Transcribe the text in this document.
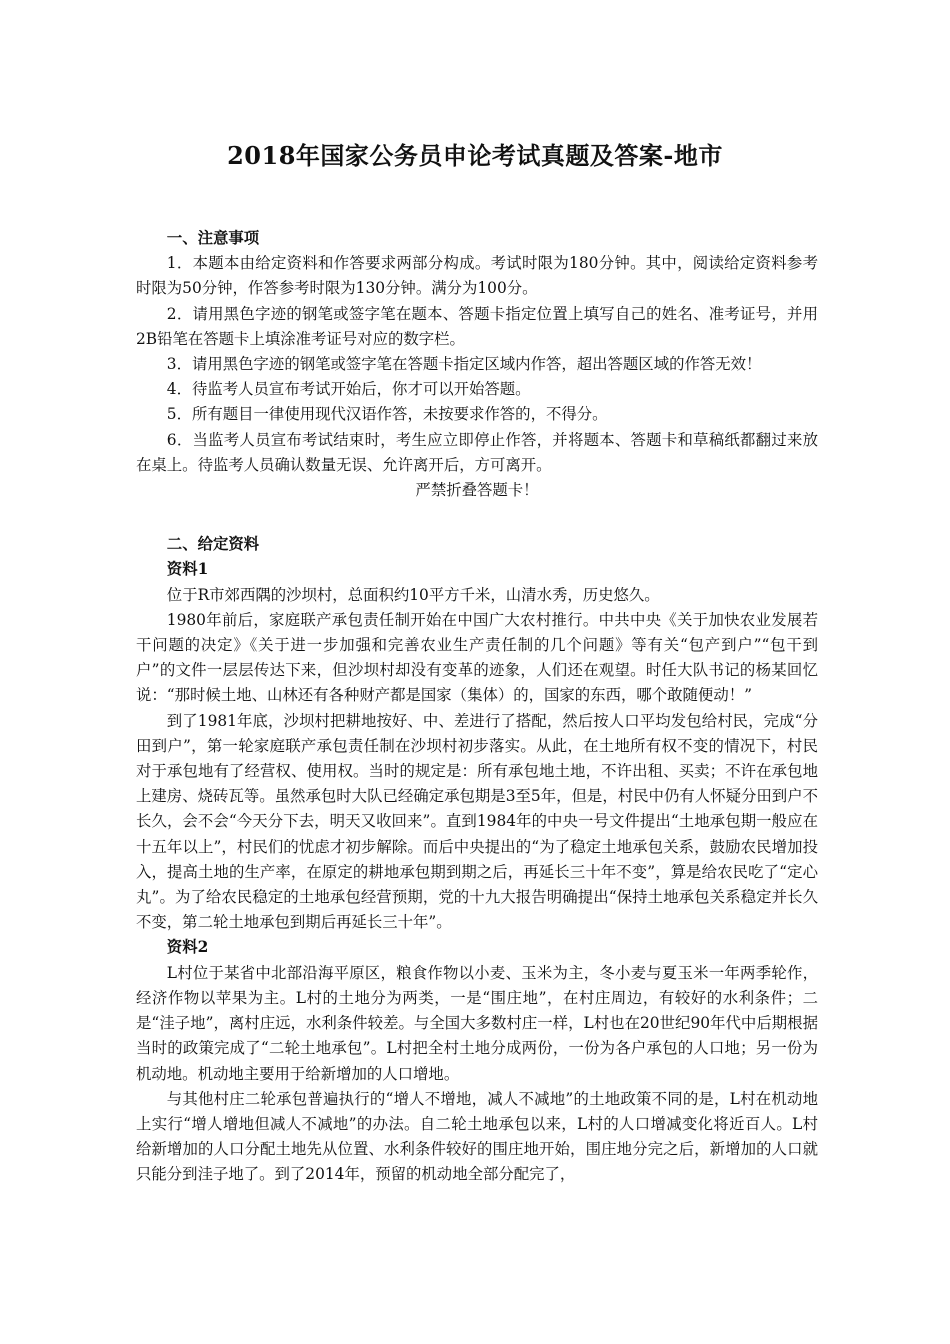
2018年国家公务员申论考试真题及答案-地市

一、注意事项

1．本题本由给定资料和作答要求两部分构成。考试时限为180分钟。其中，阅读给定资料参考时限为50分钟，作答参考时限为130分钟。满分为100分。

2．请用黑色字迹的钢笔或签字笔在题本、答题卡指定位置上填写自己的姓名、准考证号，并用2B铅笔在答题卡上填涂准考证号对应的数字栏。

3．请用黑色字迹的钢笔或签字笔在答题卡指定区域内作答，超出答题区域的作答无效！

4．待监考人员宣布考试开始后，你才可以开始答题。

5．所有题目一律使用现代汉语作答，未按要求作答的，不得分。

6．当监考人员宣布考试结束时，考生应立即停止作答，并将题本、答题卡和草稿纸都翻过来放在桌上。待监考人员确认数量无误、允许离开后，方可离开。

严禁折叠答题卡！

二、给定资料

资料1

位于R市郊西隅的沙坝村，总面积约10平方千米，山清水秀，历史悠久。

1980年前后，家庭联产承包责任制开始在中国广大农村推行。中共中央《关于加快农业发展若干问题的决定》《关于进一步加强和完善农业生产责任制的几个问题》等有关“包产到户”“包干到户”的文件一层层传达下来，但沙坝村却没有变革的迹象，人们还在观望。时任大队书记的杨某回忆说：“那时候土地、山林还有各种财产都是国家（集体）的，国家的东西，哪个敢随便动！”

到了1981年底，沙坝村把耕地按好、中、差进行了搭配，然后按人口平均发包给村民，完成“分田到户”，第一轮家庭联产承包责任制在沙坝村初步落实。从此，在土地所有权不变的情况下，村民对于承包地有了经营权、使用权。当时的规定是：所有承包地土地，不许出租、买卖；不许在承包地上建房、烧砖瓦等。虽然承包时大队已经确定承包期是3至5年，但是，村民中仍有人怀疑分田到户不长久，会不会“今天分下去，明天又收回来”。直到1984年的中央一号文件提出“土地承包期一般应在十五年以上”，村民们的忧虑才初步解除。而后中央提出的“为了稳定土地承包关系，鼓励农民增加投入，提高土地的生产率，在原定的耕地承包期到期之后，再延长三十年不变”，算是给农民吃了“定心丸”。为了给农民稳定的土地承包经营预期，党的十九大报告明确提出“保持土地承包关系稳定并长久不变，第二轮土地承包到期后再延长三十年”。

资料2

L村位于某省中北部沿海平原区，粮食作物以小麦、玉米为主，冬小麦与夏玉米一年两季轮作，经济作物以苹果为主。L村的土地分为两类，一是“围庄地”，在村庄周边，有较好的水利条件；二是“洼子地”，离村庄远，水利条件较差。与全国大多数村庄一样，L村也在20世纪90年代中后期根据当时的政策完成了“二轮土地承包”。L村把全村土地分成两份，一份为各户承包的人口地；另一份为机动地。机动地主要用于给新增加的人口增地。

与其他村庄二轮承包普遍执行的“增人不增地，减人不减地”的土地政策不同的是，L村在机动地上实行“增人增地但减人不减地”的办法。自二轮土地承包以来，L村的人口增减变化将近百人。L村给新增加的人口分配土地先从位置、水利条件较好的围庄地开始，围庄地分完之后，新增加的人口就只能分到洼子地了。到了2014年，预留的机动地全部分配完了，
